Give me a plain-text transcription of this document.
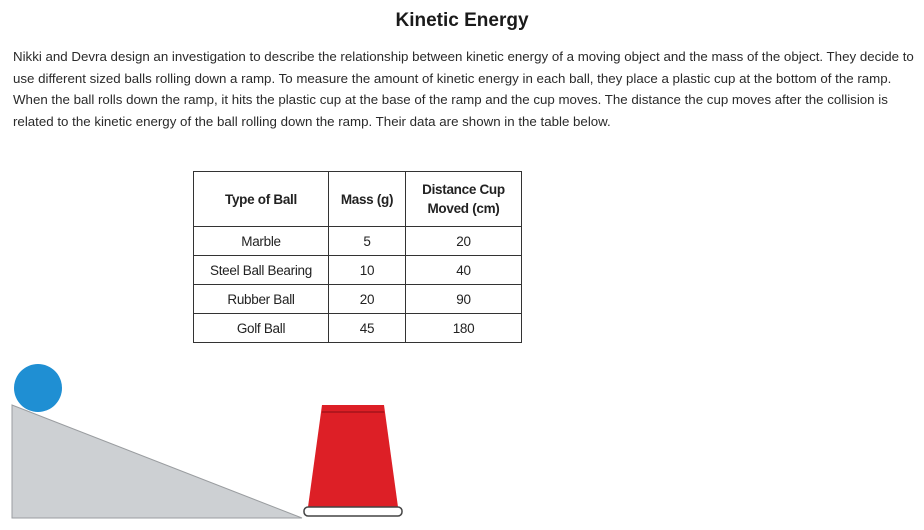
Kinetic Energy
Nikki and Devra design an investigation to describe the relationship between kinetic energy of a moving object and the mass of the object. They decide to use different sized balls rolling down a ramp. To measure the amount of kinetic energy in each ball, they place a plastic cup at the bottom of the ramp. When the ball rolls down the ramp, it hits the plastic cup at the base of the ramp and the cup moves. The distance the cup moves after the collision is related to the kinetic energy of the ball rolling down the ramp. Their data are shown in the table below.
Type of Ball	Mass (g)	Distance Cup Moved (cm)
Marble	5	20
Steel Ball Bearing	10	40
Rubber Ball	20	90
Golf Ball	45	180
